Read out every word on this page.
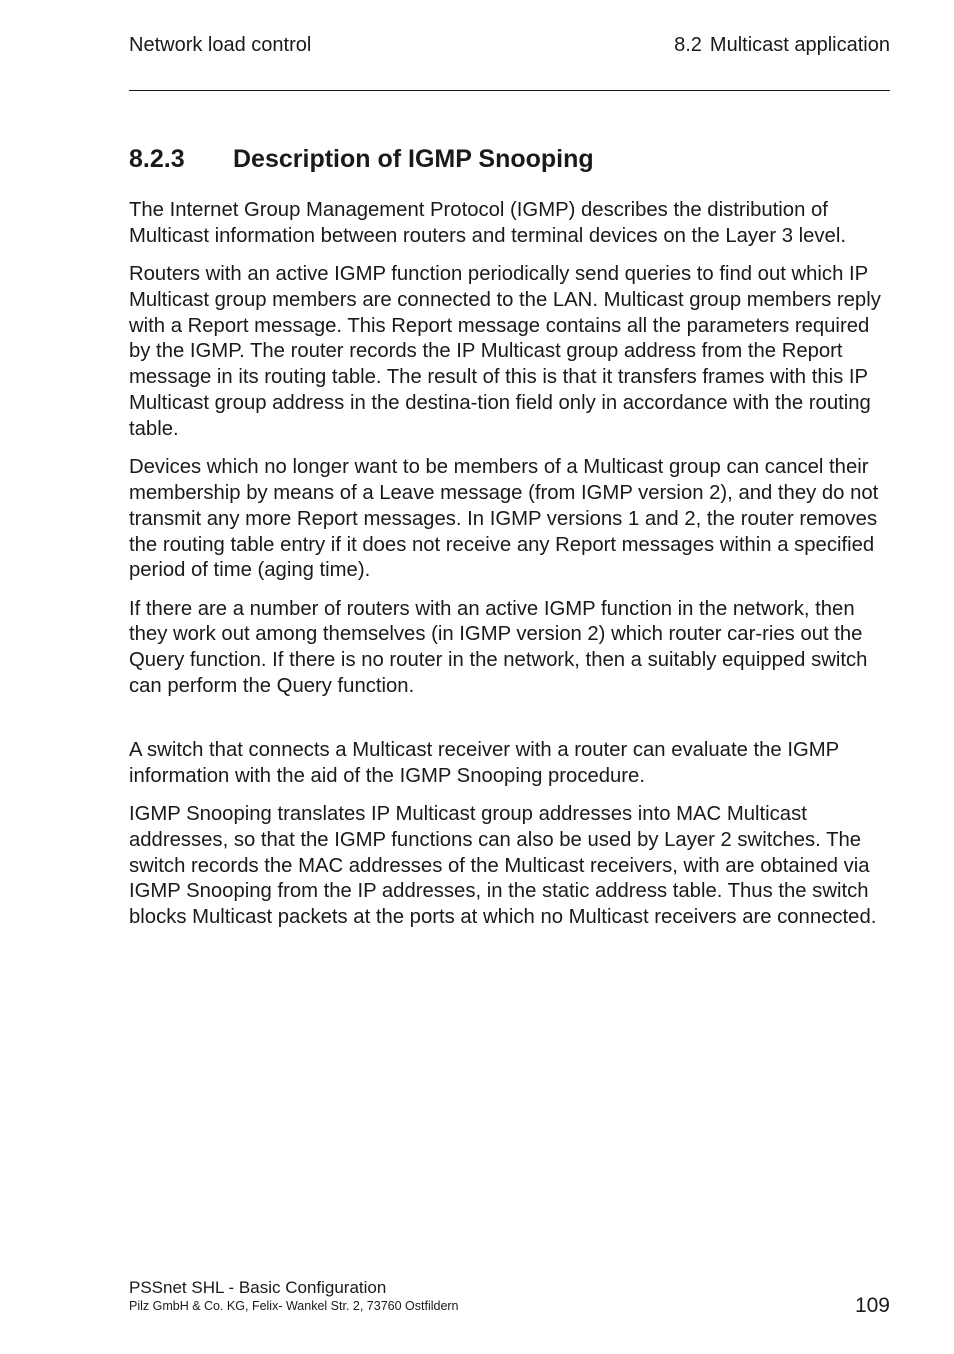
Network load control	8.2 Multicast application
8.2.3 Description of IGMP Snooping

The Internet Group Management Protocol (IGMP) describes the distribution of Multicast information between routers and terminal devices on the Layer 3 level.

Routers with an active IGMP function periodically send queries to find out which IP Multicast group members are connected to the LAN. Multicast group members reply with a Report message. This Report message contains all the parameters required by the IGMP. The router records the IP Multicast group address from the Report message in its routing table. The result of this is that it transfers frames with this IP Multicast group address in the destina-tion field only in accordance with the routing table.

Devices which no longer want to be members of a Multicast group can cancel their membership by means of a Leave message (from IGMP version 2), and they do not transmit any more Report messages. In IGMP versions 1 and 2, the router removes the routing table entry if it does not receive any Report messages within a specified period of time (aging time).

If there are a number of routers with an active IGMP function in the network, then they work out among themselves (in IGMP version 2) which router car-ries out the Query function. If there is no router in the network, then a suitably equipped switch can perform the Query function.

A switch that connects a Multicast receiver with a router can evaluate the IGMP information with the aid of the IGMP Snooping procedure.

IGMP Snooping translates IP Multicast group addresses into MAC Multicast addresses, so that the IGMP functions can also be used by Layer 2 switches. The switch records the MAC addresses of the Multicast receivers, with are obtained via IGMP Snooping from the IP addresses, in the static address table. Thus the switch blocks Multicast packets at the ports at which no Multicast receivers are connected.

PSSnet SHL - Basic Configuration
Pilz GmbH & Co. KG, Felix- Wankel Str. 2, 73760 Ostfildern	109
